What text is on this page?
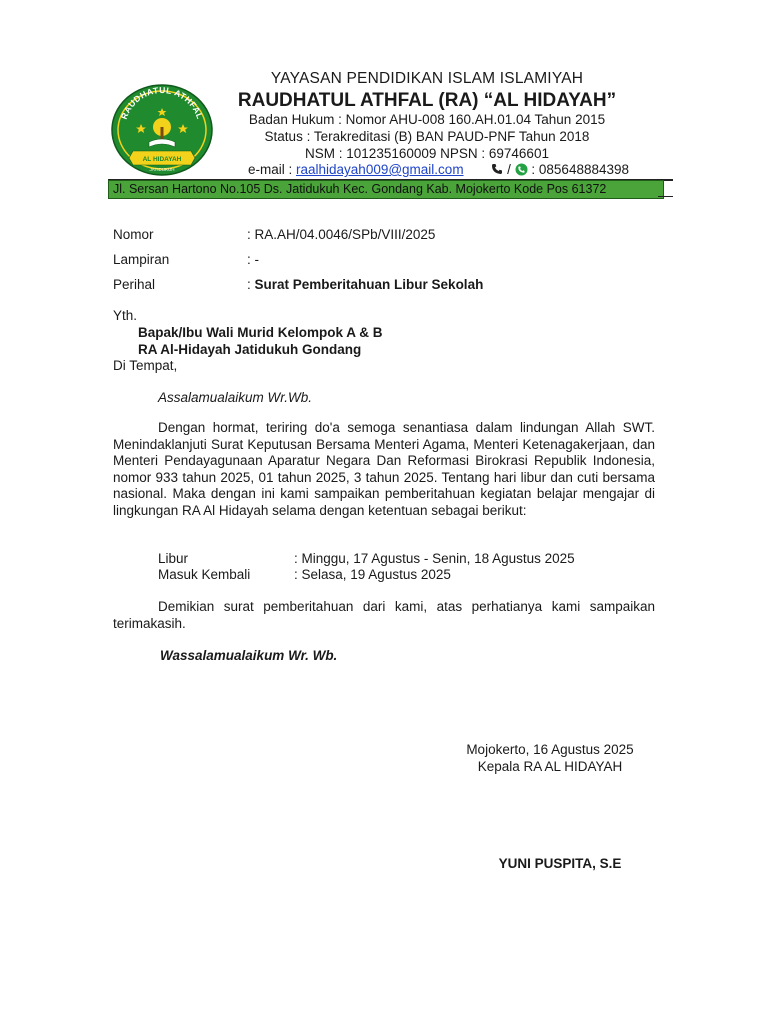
RAUDHATUL ATHFAL
AL HIDAYAH
JATIDUKUH
YAYASAN PENDIDIKAN ISLAM ISLAMIYAH
RAUDHATUL ATHFAL (RA) “AL HIDAYAH”
Badan Hukum : Nomor AHU-008 160.AH.01.04 Tahun 2015
Status : Terakreditasi (B) BAN PAUD-PNF Tahun 2018
NSM : 101235160009 NPSN : 69746601
e-mail : raalhidayah009@gmail.com	/  : 085648884398
Jl. Sersan Hartono No.105 Ds. Jatidukuh Kec. Gondang Kab. Mojokerto Kode Pos 61372
Nomor	: RA.AH/04.0046/SPb/VIII/2025
Lampiran	: -
Perihal	: Surat Pemberitahuan Libur Sekolah
Yth.
Bapak/Ibu Wali Murid Kelompok A & B
RA Al-Hidayah Jatidukuh Gondang
Di Tempat,
Assalamualaikum Wr.Wb.
Dengan hormat, teriring do'a semoga senantiasa dalam lindungan Allah SWT. Menindaklanjuti Surat Keputusan Bersama Menteri Agama, Menteri Ketenagakerjaan, dan Menteri Pendayagunaan Aparatur Negara Dan Reformasi Birokrasi Republik Indonesia, nomor 933 tahun 2025, 01 tahun 2025, 3 tahun 2025. Tentang hari libur dan cuti bersama nasional. Maka dengan ini kami sampaikan pemberitahuan kegiatan belajar mengajar di lingkungan RA Al Hidayah selama dengan ketentuan sebagai berikut:
Libur	: Minggu, 17 Agustus - Senin, 18 Agustus 2025
Masuk Kembali	: Selasa, 19 Agustus 2025
Demikian surat pemberitahuan dari kami, atas perhatianya kami sampaikan terimakasih.
Wassalamualaikum Wr. Wb.
Mojokerto, 16 Agustus 2025
Kepala RA AL HIDAYAH
YUNI PUSPITA, S.E
